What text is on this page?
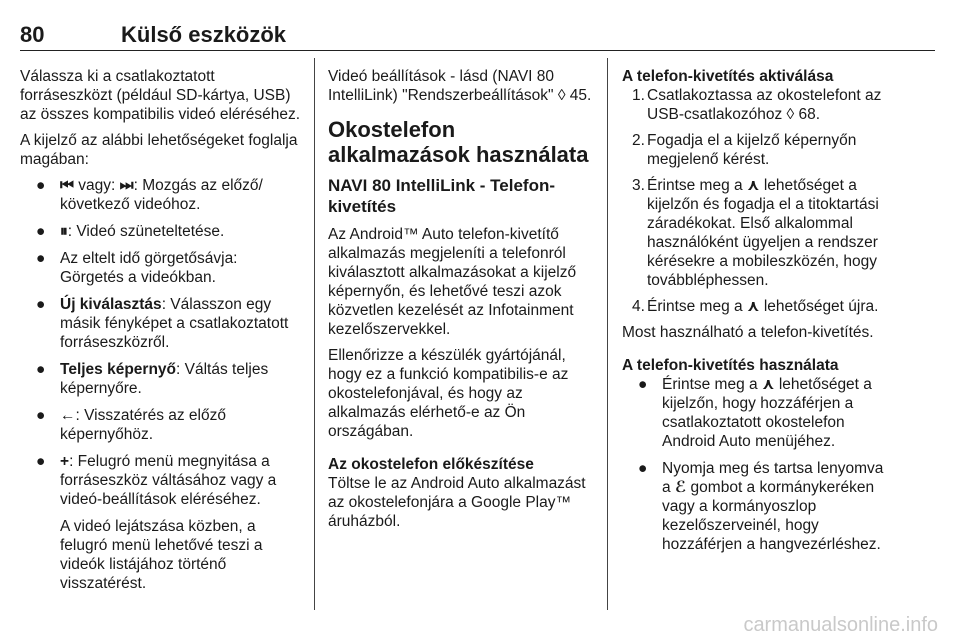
80	Külső eszközök

Válassza ki a csatlakoztatott forráseszközt (például SD-kártya, USB) az összes kompatibilis videó eléréséhez.

A kijelző az alábbi lehetőségeket foglalja magában:

● ⏮ vagy: ⏭: Mozgás az előző/ következő videóhoz.
● ⏸: Videó szüneteltetése.
● Az eltelt idő görgetősávja: Görgetés a videókban.
● Új kiválasztás: Válasszon egy másik fényképet a csatlakoztatott forráseszközről.
● Teljes képernyő: Váltás teljes képernyőre.
● ←: Visszatérés az előző képernyőhöz.
● +: Felugró menü megnyitása a forráseszköz váltásához vagy a videó-beállítások eléréséhez.

A videó lejátszása közben, a felugró menü lehetővé teszi a videók listájához történő visszatérést.

Videó beállítások - lásd (NAVI 80 IntelliLink) "Rendszerbeállítások" ◊ 45.

Okostelefon alkalmazások használata
NAVI 80 IntelliLink - Telefon-kivetítés

Az Android™ Auto telefon-kivetítő alkalmazás megjeleníti a telefonról kiválasztott alkalmazásokat a kijelző képernyőn, és lehetővé teszi azok közvetlen kezelését az Infotainment kezelőszervekkel.

Ellenőrizze a készülék gyártójánál, hogy ez a funkció kompatibilis-e az okostelefonjával, és hogy az alkalmazás elérhető-e az Ön országában.

Az okostelefon előkészítése

Töltse le az Android Auto alkalmazást az okostelefonjára a Google Play™ áruházból.

A telefon-kivetítés aktiválása

1. Csatlakoztassa az okostelefont az USB-csatlakozóhoz ◊ 68.
2. Fogadja el a kijelző képernyőn megjelenő kérést.
3. Érintse meg a ⋏ lehetőséget a kijelzőn és fogadja el a titoktartási záradékokat. Első alkalommal használóként ügyeljen a rendszer kérésekre a mobileszközén, hogy továbbléphessen.
4. Érintse meg a ⋏ lehetőséget újra.

Most használható a telefon-kivetítés.

A telefon-kivetítés használata

● Érintse meg a ⋏ lehetőséget a kijelzőn, hogy hozzáférjen a csatlakoztatott okostelefon Android Auto menüjéhez.
● Nyomja meg és tartsa lenyomva a ℰ gombot a kormánykeréken vagy a kormányoszlop kezelőszerveinél, hogy hozzáférjen a hangvezérléshez.
carmanualsonline.info
